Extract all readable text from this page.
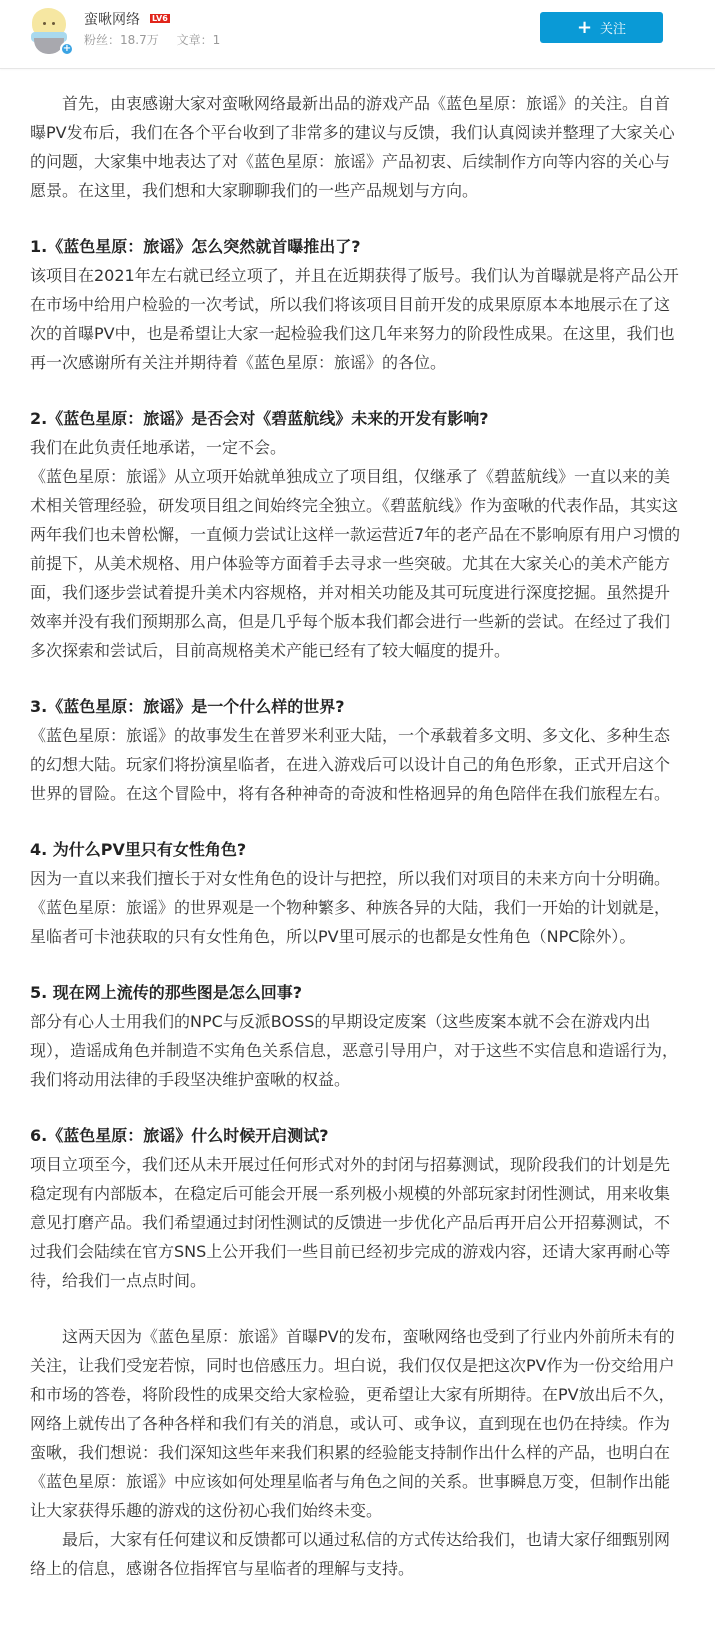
+
蛮啾网络 LV6
粉丝：18.7万 文章：1
+ 关注

首先，由衷感谢大家对蛮啾网络最新出品的游戏产品《蓝色星原：旅谣》的关注。自首曝PV发布后，我们在各个平台收到了非常多的建议与反馈，我们认真阅读并整理了大家关心的问题，大家集中地表达了对《蓝色星原：旅谣》产品初衷、后续制作方向等内容的关心与愿景。在这里，我们想和大家聊聊我们的一些产品规划与方向。

1.《蓝色星原：旅谣》怎么突然就首曝推出了?

该项目在2021年左右就已经立项了，并且在近期获得了版号。我们认为首曝就是将产品公开在市场中给用户检验的一次考试，所以我们将该项目目前开发的成果原原本本地展示在了这次的首曝PV中，也是希望让大家一起检验我们这几年来努力的阶段性成果。在这里，我们也再一次感谢所有关注并期待着《蓝色星原：旅谣》的各位。

2.《蓝色星原：旅谣》是否会对《碧蓝航线》未来的开发有影响?

我们在此负责任地承诺，一定不会。

《蓝色星原：旅谣》从立项开始就单独成立了项目组，仅继承了《碧蓝航线》一直以来的美术相关管理经验，研发项目组之间始终完全独立。《碧蓝航线》作为蛮啾的代表作品，其实这两年我们也未曾松懈，一直倾力尝试让这样一款运营近7年的老产品在不影响原有用户习惯的前提下，从美术规格、用户体验等方面着手去寻求一些突破。尤其在大家关心的美术产能方面，我们逐步尝试着提升美术内容规格，并对相关功能及其可玩度进行深度挖掘。虽然提升效率并没有我们预期那么高，但是几乎每个版本我们都会进行一些新的尝试。在经过了我们多次探索和尝试后，目前高规格美术产能已经有了较大幅度的提升。

3.《蓝色星原：旅谣》是一个什么样的世界?

《蓝色星原：旅谣》的故事发生在普罗米利亚大陆，一个承载着多文明、多文化、多种生态的幻想大陆。玩家们将扮演星临者，在进入游戏后可以设计自己的角色形象，正式开启这个世界的冒险。在这个冒险中，将有各种神奇的奇波和性格迥异的角色陪伴在我们旅程左右。

4. 为什么PV里只有女性角色?

因为一直以来我们擅长于对女性角色的设计与把控，所以我们对项目的未来方向十分明确。《蓝色星原：旅谣》的世界观是一个物种繁多、种族各异的大陆，我们一开始的计划就是，星临者可卡池获取的只有女性角色，所以PV里可展示的也都是女性角色（NPC除外）。

5. 现在网上流传的那些图是怎么回事?

部分有心人士用我们的NPC与反派BOSS的早期设定废案（这些废案本就不会在游戏内出现），造谣成角色并制造不实角色关系信息，恶意引导用户，对于这些不实信息和造谣行为，我们将动用法律的手段坚决维护蛮啾的权益。

6.《蓝色星原：旅谣》什么时候开启测试?

项目立项至今，我们还从未开展过任何形式对外的封闭与招募测试，现阶段我们的计划是先稳定现有内部版本，在稳定后可能会开展一系列极小规模的外部玩家封闭性测试，用来收集意见打磨产品。我们希望通过封闭性测试的反馈进一步优化产品后再开启公开招募测试，不过我们会陆续在官方SNS上公开我们一些目前已经初步完成的游戏内容，还请大家再耐心等待，给我们一点点时间。

这两天因为《蓝色星原：旅谣》首曝PV的发布，蛮啾网络也受到了行业内外前所未有的关注，让我们受宠若惊，同时也倍感压力。坦白说，我们仅仅是把这次PV作为一份交给用户和市场的答卷，将阶段性的成果交给大家检验，更希望让大家有所期待。在PV放出后不久，网络上就传出了各种各样和我们有关的消息，或认可、或争议，直到现在也仍在持续。作为蛮啾，我们想说：我们深知这些年来我们积累的经验能支持制作出什么样的产品，也明白在《蓝色星原：旅谣》中应该如何处理星临者与角色之间的关系。世事瞬息万变，但制作出能让大家获得乐趣的游戏的这份初心我们始终未变。

最后，大家有任何建议和反馈都可以通过私信的方式传达给我们，也请大家仔细甄别网络上的信息，感谢各位指挥官与星临者的理解与支持。
